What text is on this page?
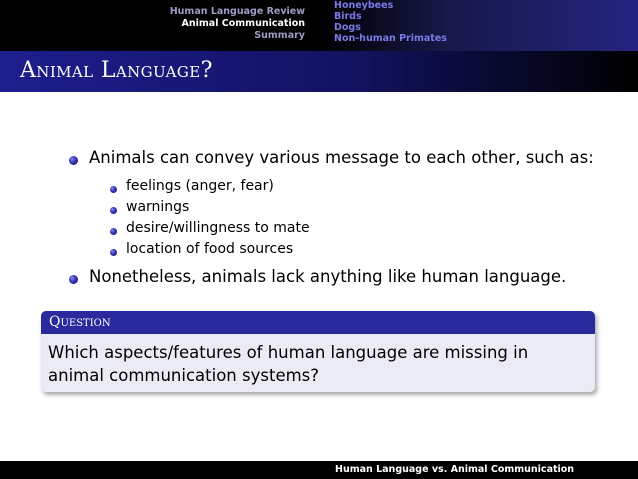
Human Language Review
Animal Communication
Summary
Honeybees
Birds
Dogs
Non-human Primates
Animal Language?
Animals can convey various message to each other, such as:
feelings (anger, fear)
warnings
desire/willingness to mate
location of food sources
Nonetheless, animals lack anything like human language.
Question
Which aspects/features of human language are missing in animal communication systems?
Human Language vs. Animal Communication
